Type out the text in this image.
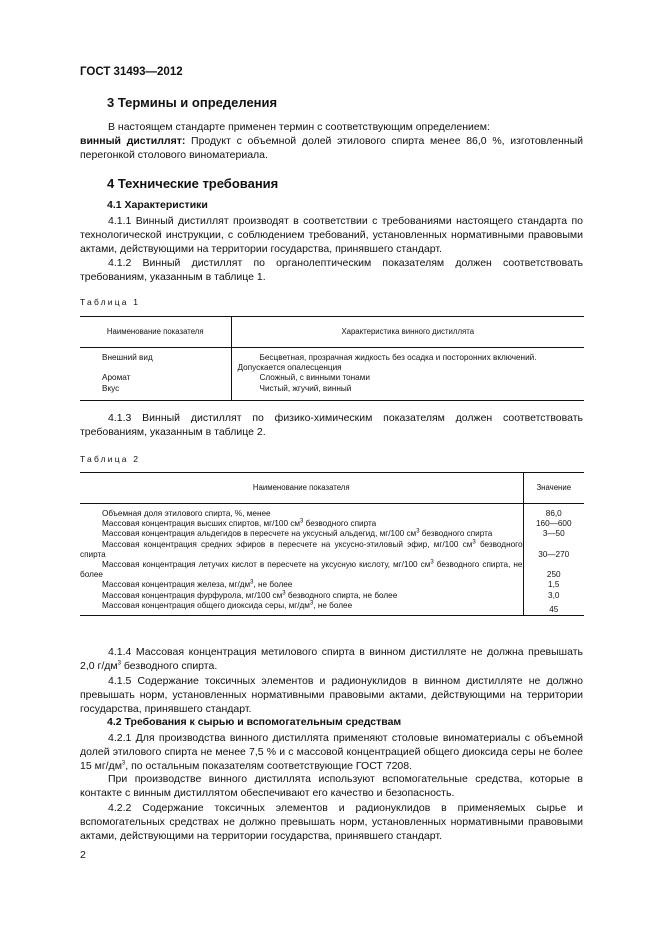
ГОСТ 31493—2012
3 Термины и определения
В настоящем стандарте применен термин с соответствующим определением:
винный дистиллят: Продукт с объемной долей этилового спирта менее 86,0 %, изготовленный перегонкой столового виноматериала.
4 Технические требования
4.1 Характеристики
4.1.1 Винный дистиллят производят в соответствии с требованиями настоящего стандарта по технологической инструкции, с соблюдением требований, установленных нормативными правовыми актами, действующими на территории государства, принявшего стандарт.
4.1.2 Винный дистиллят по органолептическим показателям должен соответствовать требованиям, указанным в таблице 1.
Таблица 1
Наименование показателя	Характеристика винного дистиллята
Внешний вид	Бесцветная, прозрачная жидкость без осадка и посторонних включений. Допускается опалесценция
Аромат	Сложный, с винными тонами
Вкус	Чистый, жгучий, винный
4.1.3 Винный дистиллят по физико-химическим показателям должен соответствовать требованиям, указанным в таблице 2.
Таблица 2
Наименование показателя	Значение
Объемная доля этилового спирта, %, менее	86,0
Массовая концентрация высших спиртов, мг/100 $см^3$ безводного спирта	160—600
Массовая концентрация альдегидов в пересчете на уксусный альдегид, мг/100 $см^3$ безводного спирта	3—50
Массовая концентрация средних эфиров в пересчете на уксусно-этиловый эфир, мг/100 $см^3$ безводного спирта	30—270
Массовая концентрация летучих кислот в пересчете на уксусную кислоту, мг/100 $см^3$ безводного спирта, не более	250
Массовая концентрация железа, $мг/дм^3$, не более	1,5
Массовая концентрация фурфурола, мг/100 $см^3$ безводного спирта, не более	3,0
Массовая концентрация общего диоксида серы, $мг/дм^3$, не более	45
4.1.4 Массовая концентрация метилового спирта в винном дистилляте не должна превышать 2,0 $г/дм^3$ безводного спирта.
4.1.5 Содержание токсичных элементов и радионуклидов в винном дистилляте не должно превышать норм, установленных нормативными правовыми актами, действующими на территории государства, принявшего стандарт.
4.2 Требования к сырью и вспомогательным средствам
4.2.1 Для производства винного дистиллята применяют столовые виноматериалы с объемной долей этилового спирта не менее 7,5 % и с массовой концентрацией общего диоксида серы не более 15 $мг/дм^3$, по остальным показателям соответствующие ГОСТ 7208.
При производстве винного дистиллята используют вспомогательные средства, которые в контакте с винным дистиллятом обеспечивают его качество и безопасность.
4.2.2 Содержание токсичных элементов и радионуклидов в применяемых сырье и вспомогательных средствах не должно превышать норм, установленных нормативными правовыми актами, действующими на территории государства, принявшего стандарт.
2
